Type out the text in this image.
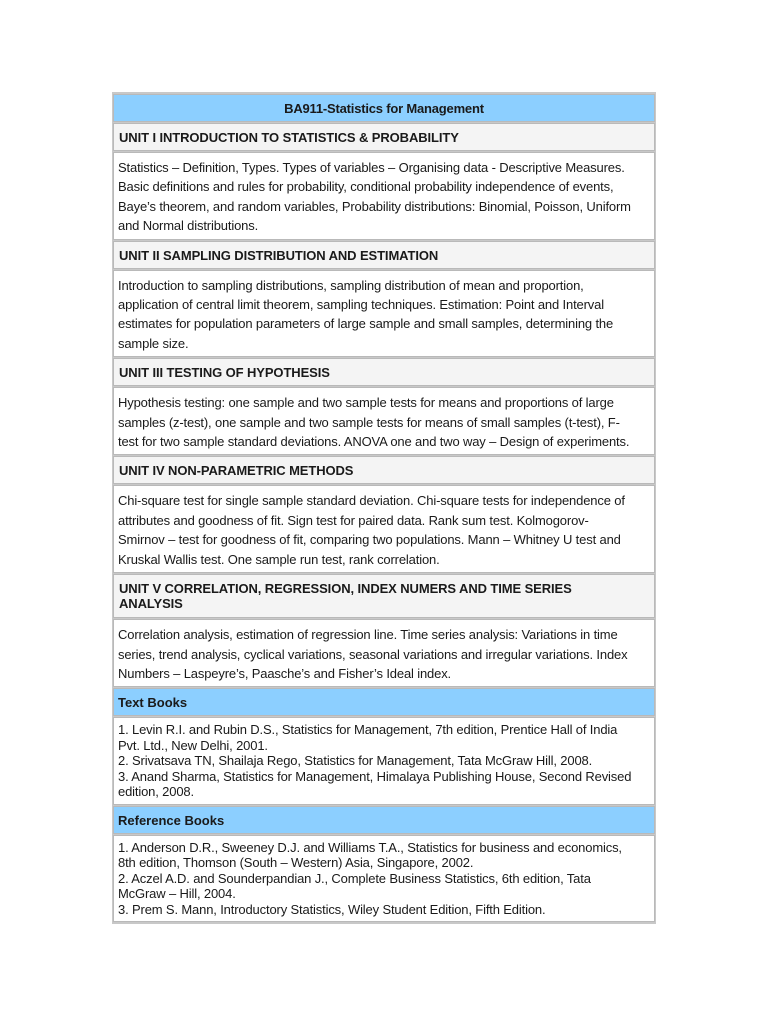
BA911-Statistics for Management
UNIT I INTRODUCTION TO STATISTICS & PROBABILITY
Statistics – Definition, Types. Types of variables – Organising data - Descriptive Measures.
Basic definitions and rules for probability, conditional probability independence of events,
Baye’s theorem, and random variables, Probability distributions: Binomial, Poisson, Uniform
and Normal distributions.
UNIT II SAMPLING DISTRIBUTION AND ESTIMATION
Introduction to sampling distributions, sampling distribution of mean and proportion,
application of central limit theorem, sampling techniques. Estimation: Point and Interval
estimates for population parameters of large sample and small samples, determining the
sample size.
UNIT III TESTING OF HYPOTHESIS
Hypothesis testing: one sample and two sample tests for means and proportions of large
samples (z-test), one sample and two sample tests for means of small samples (t-test), F-
test for two sample standard deviations. ANOVA one and two way – Design of experiments.
UNIT IV NON-PARAMETRIC METHODS
Chi-square test for single sample standard deviation. Chi-square tests for independence of
attributes and goodness of fit. Sign test for paired data. Rank sum test. Kolmogorov-
Smirnov – test for goodness of fit, comparing two populations. Mann – Whitney U test and
Kruskal Wallis test. One sample run test, rank correlation.
UNIT V CORRELATION, REGRESSION, INDEX NUMERS AND TIME SERIES
ANALYSIS
Correlation analysis, estimation of regression line. Time series analysis: Variations in time
series, trend analysis, cyclical variations, seasonal variations and irregular variations. Index
Numbers – Laspeyre’s, Paasche’s and Fisher’s Ideal index.
Text Books
1. Levin R.I. and Rubin D.S., Statistics for Management, 7th edition, Prentice Hall of India
Pvt. Ltd., New Delhi, 2001.
2. Srivatsava TN, Shailaja Rego, Statistics for Management, Tata McGraw Hill, 2008.
3. Anand Sharma, Statistics for Management, Himalaya Publishing House, Second Revised
edition, 2008.
Reference Books
1. Anderson D.R., Sweeney D.J. and Williams T.A., Statistics for business and economics,
8th edition, Thomson (South – Western) Asia, Singapore, 2002.
2. Aczel A.D. and Sounderpandian J., Complete Business Statistics, 6th edition, Tata
McGraw – Hill, 2004.
3. Prem S. Mann, Introductory Statistics, Wiley Student Edition, Fifth Edition.
